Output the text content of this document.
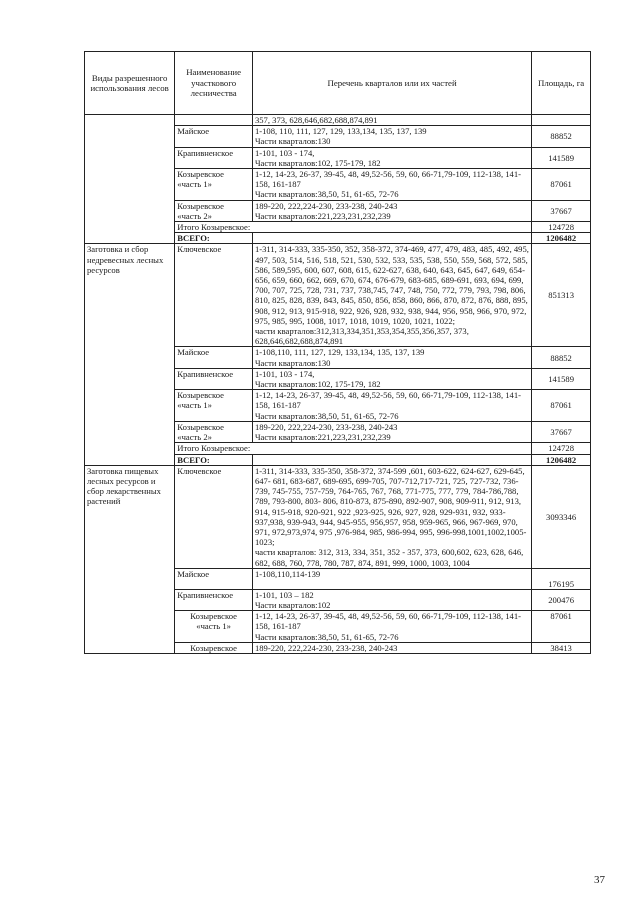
Виды разрешенного использования лесов	Наименование участкового лесничества	Перечень кварталов или их частей	Площадь, га
		357, 373, 628,646,682,688,874,891	
	Майское	1-108, 110, 111, 127, 129, 133,134, 135, 137, 139
Части кварталов:130	88852
	Крапивненское	1-101, 103 - 174,
Части кварталов:102, 175-179, 182	141589
	Козыревское «часть 1»	1-12, 14-23, 26-37, 39-45, 48, 49,52-56, 59, 60, 66-71,79-109, 112-138, 141-158, 161-187
Части кварталов:38,50, 51, 61-65, 72-76	87061
	Козыревское «часть 2»	189-220, 222,224-230, 233-238, 240-243
Части кварталов:221,223,231,232,239	37667
	Итого Козыревское:		124728
	ВСЕГО:		1206482
Заготовка и сбор недревесных лесных ресурсов	Ключевское	1-311, 314-333, 335-350, 352, 358-372, 374-469, 477, 479, 483, 485, 492, 495, 497, 503, 514, 516, 518, 521, 530, 532, 533, 535, 538, 550, 559, 568, 572, 585, 586, 589,595, 600, 607, 608, 615, 622-627, 638, 640, 643, 645, 647, 649, 654-656, 659, 660, 662, 669, 670, 674, 676-679, 683-685, 689-691, 693, 694, 699, 700, 707, 725, 728, 731, 737, 738,745, 747, 748, 750, 772, 779, 793, 798, 806, 810, 825, 828, 839, 843, 845, 850, 856, 858, 860, 866, 870, 872, 876, 888, 895, 908, 912, 913, 915-918, 922, 926, 928, 932, 938, 944, 956, 958, 966, 970, 972, 975, 985, 995, 1008, 1017, 1018, 1019, 1020, 1021, 1022;
части кварталов:312,313,334,351,353,354,355,356,357, 373, 628,646,682,688,874,891	851313
	Майское	1-108,110, 111, 127, 129, 133,134, 135, 137, 139
Части кварталов:130	88852
	Крапивненское	1-101, 103 - 174,
Части кварталов:102, 175-179, 182	141589
	Козыревское «часть 1»	1-12, 14-23, 26-37, 39-45, 48, 49,52-56, 59, 60, 66-71,79-109, 112-138, 141-158, 161-187
Части кварталов:38,50, 51, 61-65, 72-76	87061
	Козыревское «часть 2»	189-220, 222,224-230, 233-238, 240-243
Части кварталов:221,223,231,232,239	37667
	Итого Козыревское:		124728
	ВСЕГО:		1206482
Заготовка пищевых лесных ресурсов и сбор лекарственных растений	Ключевское	1-311, 314-333, 335-350, 358-372, 374-599 ,601, 603-622, 624-627, 629-645, 647- 681, 683-687, 689-695, 699-705, 707-712,717-721, 725, 727-732, 736-739, 745-755, 757-759, 764-765, 767, 768, 771-775, 777, 779, 784-786,788, 789, 793-800, 803- 806, 810-873, 875-890, 892-907, 908, 909-911, 912, 913, 914, 915-918, 920-921, 922 ,923-925, 926, 927, 928, 929-931, 932, 933-937,938, 939-943, 944, 945-955, 956,957, 958, 959-965, 966, 967-969, 970, 971, 972,973,974, 975 ,976-984, 985, 986-994, 995, 996-998,1001,1002,1005-1023;
части кварталов: 312, 313, 334, 351, 352 - 357, 373, 600,602, 623, 628, 646, 682, 688, 760, 778, 780, 787, 874, 891, 999, 1000, 1003, 1004	3093346
	Майское	1-108,110,114-139	176195
	Крапивненское	1-101, 103 – 182
Части кварталов:102	200476
	Козыревское «часть 1»	1-12, 14-23, 26-37, 39-45, 48, 49,52-56, 59, 60, 66-71,79-109, 112-138, 141-158, 161-187
Части кварталов:38,50, 51, 61-65, 72-76	87061
	Козыревское	189-220, 222,224-230, 233-238, 240-243	38413
37
